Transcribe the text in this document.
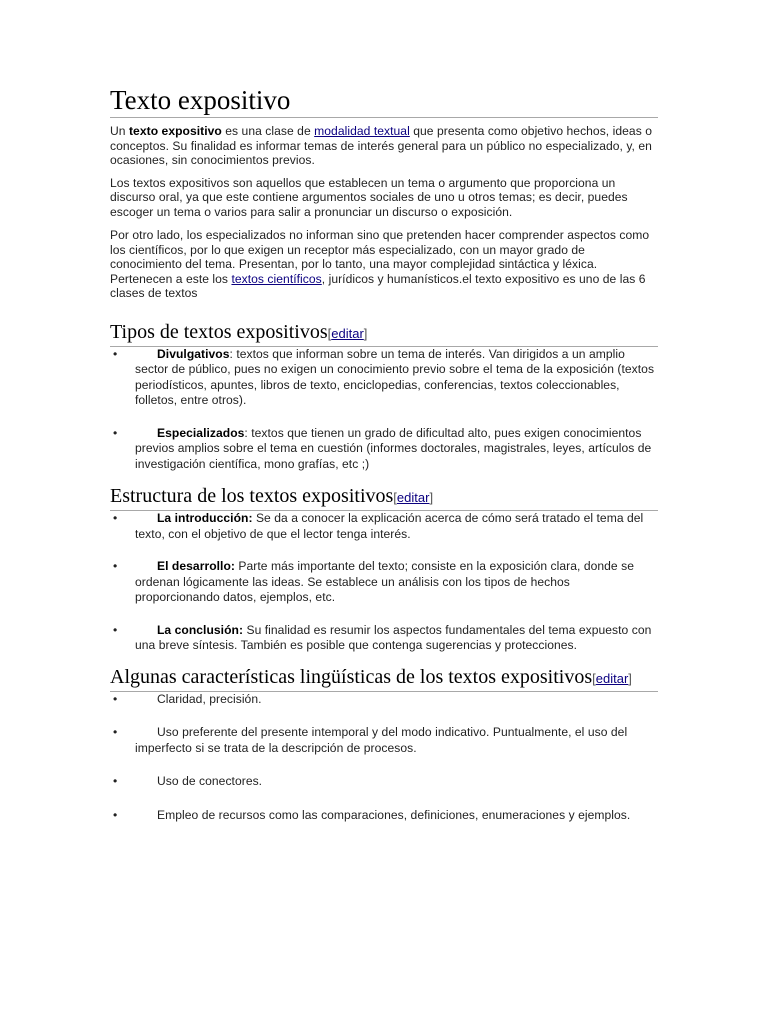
Texto expositivo

Un texto expositivo es una clase de modalidad textual que presenta como objetivo hechos, ideas o conceptos. Su finalidad es informar temas de interés general para un público no especializado, y, en ocasiones, sin conocimientos previos.

Los textos expositivos son aquellos que establecen un tema o argumento que proporciona un discurso oral, ya que este contiene argumentos sociales de uno u otros temas; es decir, puedes escoger un tema o varios para salir a pronunciar un discurso o exposición.

Por otro lado, los especializados no informan sino que pretenden hacer comprender aspectos como los científicos, por lo que exigen un receptor más especializado, con un mayor grado de conocimiento del tema. Presentan, por lo tanto, una mayor complejidad sintáctica y léxica. Pertenecen a este los textos científicos, jurídicos y humanísticos.el texto expositivo es uno de las 6 clases de textos

Tipos de textos expositivos[editar]
•	Divulgativos: textos que informan sobre un tema de interés. Van dirigidos a un amplio sector de público, pues no exigen un conocimiento previo sobre el tema de la exposición (textos periodísticos, apuntes, libros de texto, enciclopedias, conferencias, textos coleccionables, folletos, entre otros).
•	Especializados: textos que tienen un grado de dificultad alto, pues exigen conocimientos previos amplios sobre el tema en cuestión (informes doctorales, magistrales, leyes, artículos de investigación científica, mono grafías, etc ;)
Estructura de los textos expositivos[editar]
•	La introducción: Se da a conocer la explicación acerca de cómo será tratado el tema del texto, con el objetivo de que el lector tenga interés.
•	El desarrollo: Parte más importante del texto; consiste en la exposición clara, donde se ordenan lógicamente las ideas. Se establece un análisis con los tipos de hechos proporcionando datos, ejemplos, etc.
•	La conclusión: Su finalidad es resumir los aspectos fundamentales del tema expuesto con una breve síntesis. También es posible que contenga sugerencias y protecciones.
Algunas características lingüísticas de los textos expositivos[editar]
•	Claridad, precisión.
•	Uso preferente del presente intemporal y del modo indicativo. Puntualmente, el uso del imperfecto si se trata de la descripción de procesos.
•	Uso de conectores.
•	Empleo de recursos como las comparaciones, definiciones, enumeraciones y ejemplos.
